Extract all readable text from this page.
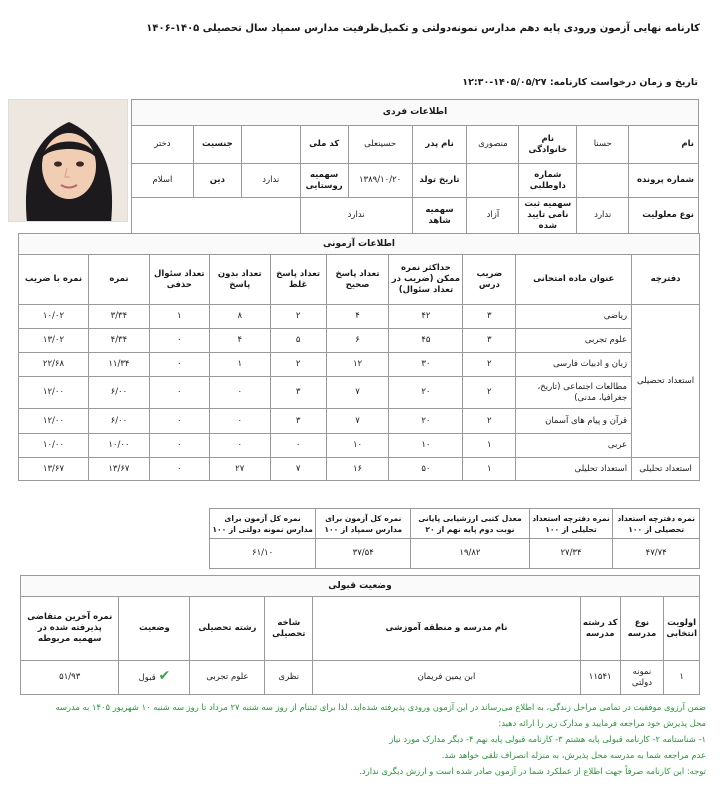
کارنامه نهایی آزمون ورودی پایه دهم مدارس نمونه‌دولتی و تکمیل‌ظرفیت مدارس سمپاد سال تحصیلی ۱۴۰۵-۱۴۰۶
تاریخ و زمان درخواست کارنامه: ۱۴۰۵/۰۵/۲۷-۱۲:۳۰
اطلاعات فردی									
نام	حسنا	نام خانوادگی	منصوری	نام پدر	حسینعلی	کد ملی		جنسیت	دختر
شماره پرونده		شماره داوطلبی		تاریخ تولد	۱۳۸۹/۱۰/۲۰	سهمیه روستایی	ندارد	دین	اسلام
نوع معلولیت	ندارد	سهمیه ثبت نامی تایید شده	آزاد	سهمیه شاهد	ندارد				
اطلاعات آزمونی									
دفترچه	عنوان ماده امتحانی	ضریب درس	حداکثر نمره ممکن (ضریب در تعداد سئوال)	تعداد پاسخ صحیح	تعداد پاسخ غلط	تعداد بدون پاسخ	تعداد سئوال حذفی	نمره	نمره با ضریب
استعداد تحصیلی	ریاضی	۳	۴۲	۴	۲	۸	۱	۳/۳۴	۱۰/۰۲
	علوم تجربی	۳	۴۵	۶	۵	۴	۰	۴/۳۴	۱۳/۰۲
	زبان و ادبیات فارسی	۲	۳۰	۱۲	۲	۱	۰	۱۱/۳۴	۲۲/۶۸
	مطالعات اجتماعی (تاریخ، جغرافیا، مدنی)	۲	۲۰	۷	۳	۰	۰	۶/۰۰	۱۲/۰۰
	قرآن و پیام های آسمان	۲	۲۰	۷	۳	۰	۰	۶/۰۰	۱۲/۰۰
	عربی	۱	۱۰	۱۰	۰	۰	۰	۱۰/۰۰	۱۰/۰۰
استعداد تحلیلی	استعداد تحلیلی	۱	۵۰	۱۶	۷	۲۷	۰	۱۳/۶۷	۱۳/۶۷
نمره دفترچه استعداد تحصیلی از ۱۰۰	نمره دفترچه استعداد تحلیلی از ۱۰۰	معدل کتبی ارزشیابی پایانی نوبت دوم پایه نهم از ۲۰	نمره کل آزمون برای مدارس سمپاد از ۱۰۰	نمره کل آزمون برای مدارس نمونه دولتی از ۱۰۰
۴۷/۷۴	۲۷/۳۴	۱۹/۸۲	۳۷/۵۴	۶۱/۱۰
وضعیت قبولی							
اولویت انتخابی	نوع مدرسه	کد رشته مدرسه	نام مدرسه و منطقه آموزشی	شاخه تحصیلی	رشته تحصیلی	وضعیت	نمره آخرین متقاضی پذیرفته شده در سهمیه مربوطه
۱	نمونه دولتی	۱۱۵۴۱	ابن یمین فریمان	نظری	علوم تجربی	✔ قبول	۵۱/۹۳
ضمن آرزوی موفقیت در تمامی مراحل زندگی، به اطلاع می‌رساند در این آزمون ورودی پذیرفته شده‌اید. لذا برای ثبتنام از روز سه شنبه ۲۷ مرداد تا روز سه شنبه ۱۰ شهریور ۱۴۰۵ به مدرسه
محل پذیرش خود مراجعه فرمایید و مدارک زیر را ارائه دهید:
۱- شناسنامه ۲- کارنامه قبولی پایه هشتم ۳- کارنامه قبولی پایه نهم ۴- دیگر مدارک مورد نیاز
عدم مراجعه شما به مدرسه محل پذیرش، به منزله انصراف تلقی خواهد شد.
توجه: این کارنامه صرفاً جهت اطلاع از عملکرد شما در آزمون صادر شده است و ارزش دیگری ندارد.
